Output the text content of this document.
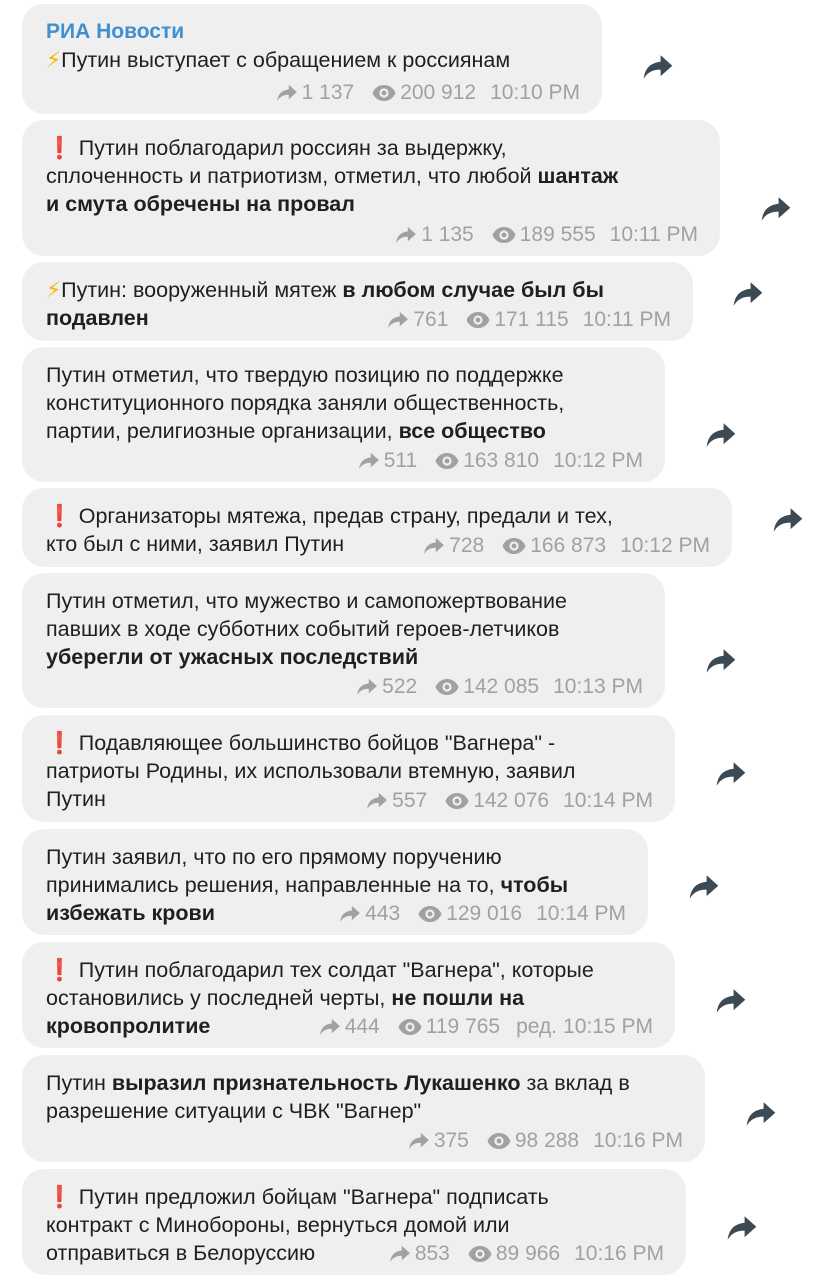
РИА Новости
⚡Путин выступает с обращением к россиянам
1 137 200 912 10:10 PM
❗ Путин поблагодарил россиян за выдержку,
сплоченность и патриотизм, отметил, что любой шантаж
и смута обречены на провал
1 135 189 555 10:11 PM
⚡Путин: вооруженный мятеж в любом случае был бы
подавлен	761 171 115 10:11 PM
Путин отметил, что твердую позицию по поддержке
конституционного порядка заняли общественность,
партии, религиозные организации, все общество
511 163 810 10:12 PM
❗ Организаторы мятежа, предав страну, предали и тех,
кто был с ними, заявил Путин	728 166 873 10:12 PM
Путин отметил, что мужество и самопожертвование
павших в ходе субботних событий героев-летчиков
уберегли от ужасных последствий
522 142 085 10:13 PM
❗ Подавляющее большинство бойцов "Вагнера" -
патриоты Родины, их использовали втемную, заявил
Путин	557 142 076 10:14 PM
Путин заявил, что по его прямому поручению
принимались решения, направленные на то, чтобы
избежать крови	443 129 016 10:14 PM
❗ Путин поблагодарил тех солдат "Вагнера", которые
остановились у последней черты, не пошли на
кровопролитие	444 119 765 ред. 10:15 PM
Путин выразил признательность Лукашенко за вклад в
разрешение ситуации с ЧВК "Вагнер"
375 98 288 10:16 PM
❗ Путин предложил бойцам "Вагнера" подписать
контракт с Минобороны, вернуться домой или
отправиться в Белоруссию	853 89 966 10:16 PM
